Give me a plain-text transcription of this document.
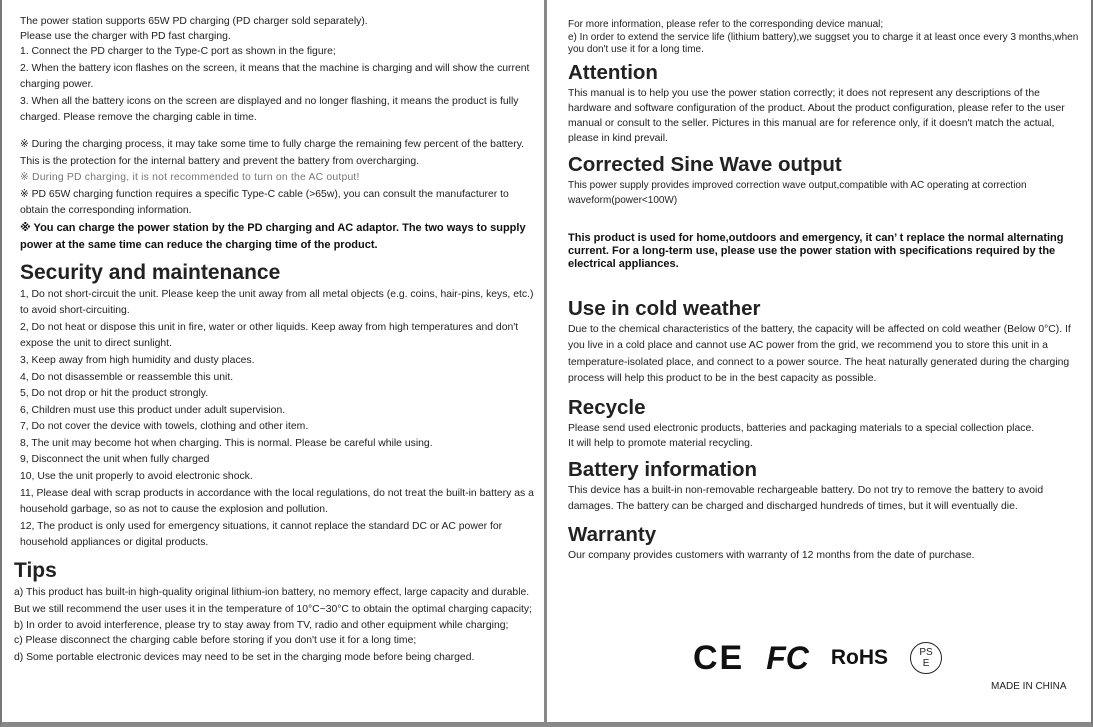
The power station supports 65W PD charging (PD charger sold separately).

Please use the charger with PD fast charging.

1. Connect the PD charger to the Type-C port as shown in the figure;

2. When the battery icon flashes on the screen, it means that the machine is charging and will show the current charging power.

3. When all the battery icons on the screen are displayed and no longer flashing, it means the product is fully charged. Please remove the charging cable in time.

※ During the charging process, it may take some time to fully charge the remaining few percent of the battery. This is the protection for the internal battery and prevent the battery from overcharging.

※ During PD charging, it is not recommended to turn on the AC output!

※ PD 65W charging function requires a specific Type-C cable (>65w), you can consult the manufacturer to obtain the corresponding information.

※ You can charge the power station by the PD charging and AC adaptor. The two ways to supply power at the same time can reduce the charging time of the product.

Security and maintenance

1, Do not short-circuit the unit. Please keep the unit away from all metal objects (e.g. coins, hair-pins, keys, etc.) to avoid short-circuiting.

2, Do not heat or dispose this unit in fire, water or other liquids. Keep away from high temperatures and don't expose the unit to direct sunlight.

3, Keep away from high humidity and dusty places.

4, Do not disassemble or reassemble this unit.

5, Do not drop or hit the product strongly.

6, Children must use this product under adult supervision.

7, Do not cover the device with towels, clothing and other item.

8, The unit may become hot when charging. This is normal. Please be careful while using.

9, Disconnect the unit when fully charged

10, Use the unit properly to avoid electronic shock.

11, Please deal with scrap products in accordance with the local regulations, do not treat the built-in battery as a household garbage, so as not to cause the explosion and pollution.

12, The product is only used for emergency situations, it cannot replace the standard DC or AC power for household appliances or digital products.

Tips

a) This product has built-in high-quality original lithium-ion battery, no memory effect, large capacity and durable. But we still recommend the user uses it in the temperature of 10°C~30°C to obtain the optimal charging capacity;

b) In order to avoid interference, please try to stay away from TV, radio and other equipment while charging;

c) Please disconnect the charging cable before storing if you don't use it for a long time;

d) Some portable electronic devices may need to be set in the charging mode before being charged.

For more information, please refer to the corresponding device manual;

e) In order to extend the service life (lithium battery),we suggset you to charge it at least once every 3 months,when you don't use it for a long time.

Attention

This manual is to help you use the power station correctly; it does not represent any descriptions of the hardware and software configuration of the product. About the product configuration, please refer to the user manual or consult to the seller. Pictures in this manual are for reference only, if it doesn't match the actual, please in kind prevail.

Corrected Sine Wave output

This power supply provides improved correction wave output,compatible with AC operating at correction waveform(power<100W)

This product is used for home,outdoors and emergency, it can’ t replace the normal alternating current. For a long-term use, please use the power station with specifications required by the electrical appliances.

Use in cold weather

Due to the chemical characteristics of the battery, the capacity will be affected on cold weather (Below 0°C). If you live in a cold place and cannot use AC power from the grid, we recommend you to store this unit in a temperature-isolated place, and connect to a power source. The heat naturally generated during the charging process will help this product to be in the best capacity as possible.

Recycle

Please send used electronic products, batteries and packaging materials to a special collection place.

It will help to promote material recycling.

Battery information

This device has a built-in non-removable rechargeable battery. Do not try to remove the battery to avoid damages. The battery can be charged and discharged hundreds of times, but it will eventually die.

Warranty

Our company provides customers with warranty of 12 months from the date of purchase.

CE FC RoHS	PS E
MADE IN CHINA
